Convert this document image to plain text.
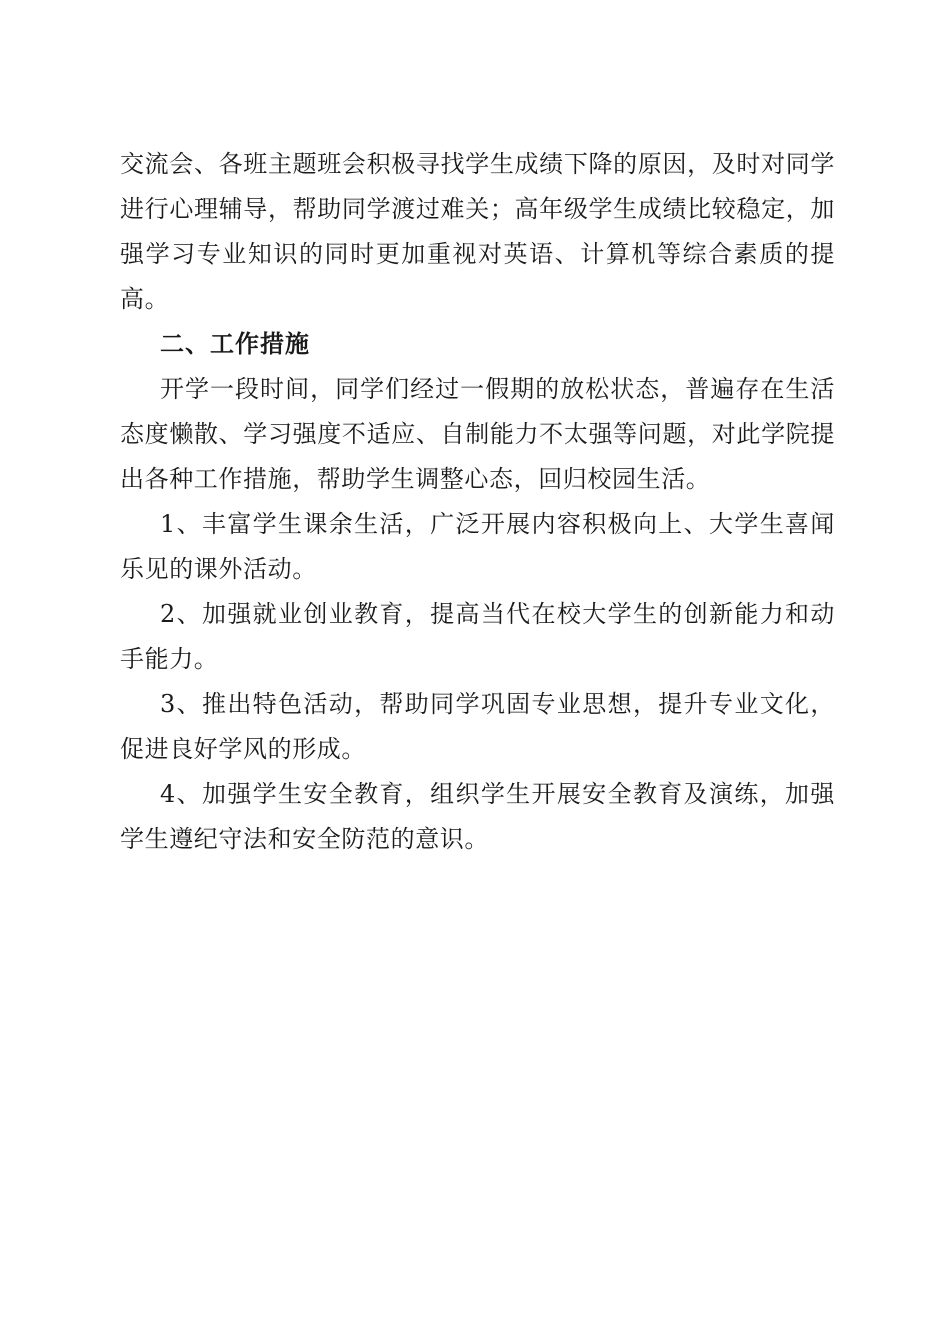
交流会、各班主题班会积极寻找学生成绩下降的原因，及时对同学进行心理辅导，帮助同学渡过难关；高年级学生成绩比较稳定，加强学习专业知识的同时更加重视对英语、计算机等综合素质的提高。

二、工作措施

开学一段时间，同学们经过一假期的放松状态，普遍存在生活态度懒散、学习强度不适应、自制能力不太强等问题，对此学院提出各种工作措施，帮助学生调整心态，回归校园生活。

1、丰富学生课余生活，广泛开展内容积极向上、大学生喜闻乐见的课外活动。

2、加强就业创业教育，提高当代在校大学生的创新能力和动手能力。

3、推出特色活动，帮助同学巩固专业思想，提升专业文化，促进良好学风的形成。

4、加强学生安全教育，组织学生开展安全教育及演练，加强学生遵纪守法和安全防范的意识。
